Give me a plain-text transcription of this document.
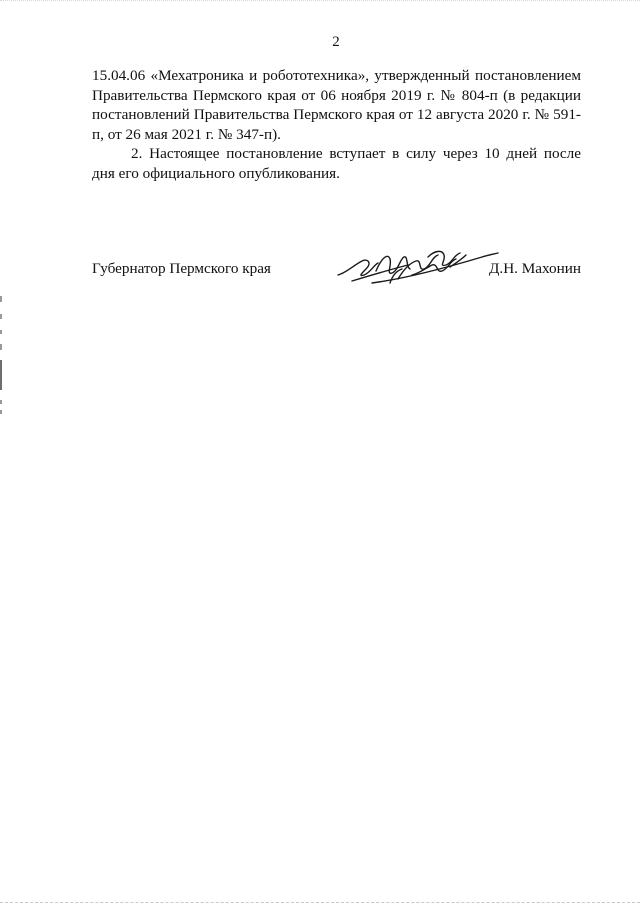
2

15.04.06 «Мехатроника и робототехника», утвержденный постановлением Правительства Пермского края от 06 ноября 2019 г. № 804-п (в редакции постановлений Правительства Пермского края от 12 августа 2020 г. № 591-п, от 26 мая 2021 г. № 347-п).

2. Настоящее постановление вступает в силу через 10 дней после дня его официального опубликования.

Губернатор Пермского края	Д.Н. Махонин
